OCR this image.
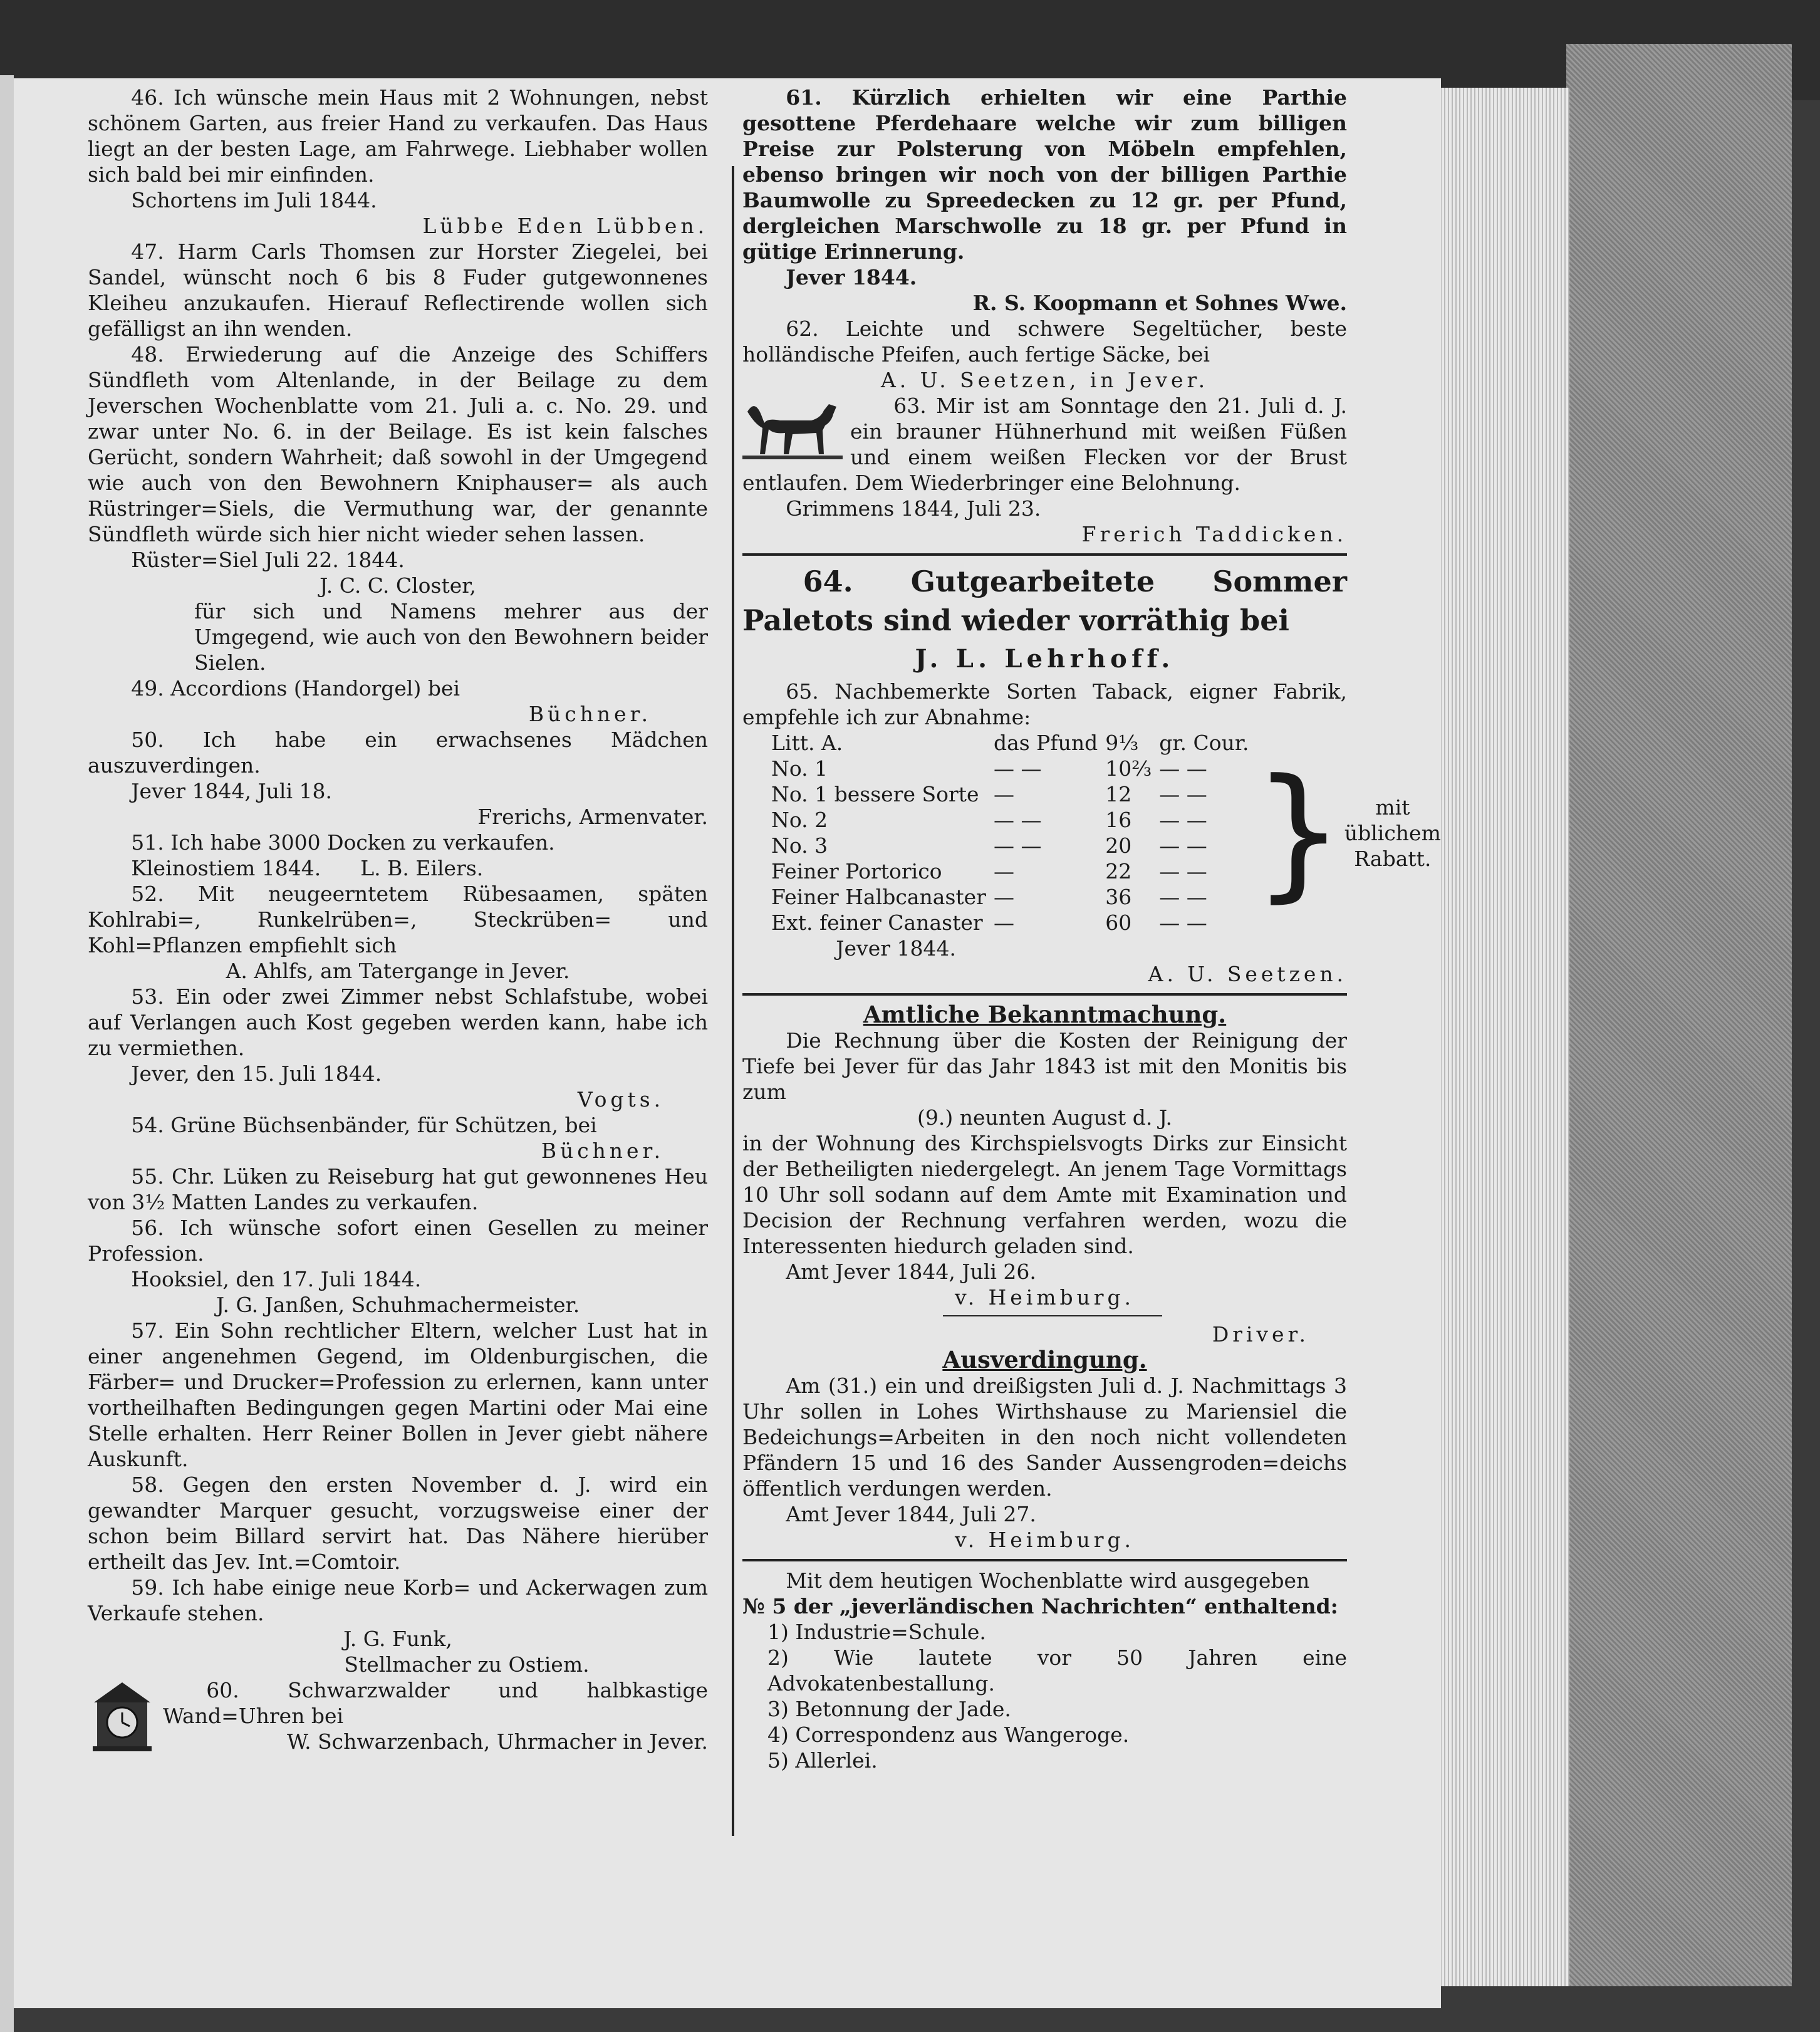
46. Ich wünsche mein Haus mit 2 Wohnungen, nebst schönem Garten, aus freier Hand zu verkaufen. Das Haus liegt an der besten Lage, am Fahrwege. Liebhaber wollen sich bald bei mir einfinden.

Schortens im Juli 1844.

Lübbe Eden Lübben.

47. Harm Carls Thomsen zur Horster Ziegelei, bei Sandel, wünscht noch 6 bis 8 Fuder gutgewonnenes Kleiheu anzukaufen. Hierauf Reflectirende wollen sich gefälligst an ihn wenden.

48. Erwiederung auf die Anzeige des Schiffers Sündfleth vom Altenlande, in der Beilage zu dem Jeverschen Wochenblatte vom 21. Juli a. c. No. 29. und zwar unter No. 6. in der Beilage. Es ist kein falsches Gerücht, sondern Wahrheit; daß sowohl in der Umgegend wie auch von den Bewohnern Kniphauser= als auch Rüstringer=Siels, die Vermuthung war, der genannte Sündfleth würde sich hier nicht wieder sehen lassen.

Rüster=Siel Juli 22. 1844.

J. C. C. Closter,

für sich und Namens mehrer aus der Umgegend, wie auch von den Bewohnern beider Sielen.

49. Accordions (Handorgel) bei

Büchner.

50. Ich habe ein erwachsenes Mädchen auszuverdingen.

Jever 1844, Juli 18.

Frerichs, Armenvater.

51. Ich habe 3000 Docken zu verkaufen.

Kleinostiem 1844. L. B. Eilers.

52. Mit neugeerntetem Rübesaamen, späten Kohlrabi=, Runkelrüben=, Steckrüben= und Kohl=Pflanzen empfiehlt sich

A. Ahlfs, am Tatergange in Jever.

53. Ein oder zwei Zimmer nebst Schlafstube, wobei auf Verlangen auch Kost gegeben werden kann, habe ich zu vermiethen.

Jever, den 15. Juli 1844.

Vogts.

54. Grüne Büchsenbänder, für Schützen, bei

Büchner.

55. Chr. Lüken zu Reiseburg hat gut gewonnenes Heu von 3½ Matten Landes zu verkaufen.

56. Ich wünsche sofort einen Gesellen zu meiner Profession.

Hooksiel, den 17. Juli 1844.

J. G. Janßen, Schuhmachermeister.

57. Ein Sohn rechtlicher Eltern, welcher Lust hat in einer angenehmen Gegend, im Oldenburgischen, die Färber= und Drucker=Profession zu erlernen, kann unter vortheilhaften Bedingungen gegen Martini oder Mai eine Stelle erhalten. Herr Reiner Bollen in Jever giebt nähere Auskunft.

58. Gegen den ersten November d. J. wird ein gewandter Marquer gesucht, vorzugsweise einer der schon beim Billard servirt hat. Das Nähere hierüber ertheilt das Jev. Int.=Comtoir.

59. Ich habe einige neue Korb= und Ackerwagen zum Verkaufe stehen.

J. G. Funk,

Stellmacher zu Ostiem.

60. Schwarzwalder und halbkastige Wand=Uhren bei

W. Schwarzenbach, Uhrmacher in Jever.

61. Kürzlich erhielten wir eine Parthie gesottene Pferdehaare welche wir zum billigen Preise zur Polsterung von Möbeln empfehlen, ebenso bringen wir noch von der billigen Parthie Baumwolle zu Spreedecken zu 12 gr. per Pfund, dergleichen Marschwolle zu 18 gr. per Pfund in gütige Erinnerung.

Jever 1844.

R. S. Koopmann et Sohnes Wwe.

62. Leichte und schwere Segeltücher, beste holländische Pfeifen, auch fertige Säcke, bei

A. U. Seetzen, in Jever.

63. Mir ist am Sonntage den 21. Juli d. J. ein brauner Hühnerhund mit weißen Füßen und einem weißen Flecken vor der Brust entlaufen. Dem Wiederbringer eine Belohnung.

Grimmens 1844, Juli 23.

Frerich Taddicken.

64. Gutgearbeitete Sommer Paletots sind wieder vorräthig bei

J. L. Lehrhoff.

65. Nachbemerkte Sorten Taback, eigner Fabrik, empfehle ich zur Abnahme:

Litt. A.	das Pfund	9⅓	gr. Cour.
No. 1	— —	10⅔	— —
No. 1 bessere Sorte	—	12	— —
No. 2	— —	16	— —
No. 3	— —	20	— —
Feiner Portorico	—	22	— —
Feiner Halbcanaster	—	36	— —
Ext. feiner Canaster	—	60	— —
}	mit üblichem Rabatt.

Jever 1844.

A. U. Seetzen.

Amtliche Bekanntmachung.

Die Rechnung über die Kosten der Reinigung der Tiefe bei Jever für das Jahr 1843 ist mit den Monitis bis zum

(9.) neunten August d. J.

in der Wohnung des Kirchspielsvogts Dirks zur Einsicht der Betheiligten niedergelegt. An jenem Tage Vormittags 10 Uhr soll sodann auf dem Amte mit Examination und Decision der Rechnung verfahren werden, wozu die Interessenten hiedurch geladen sind.

Amt Jever 1844, Juli 26.

v. Heimburg.

Driver.

Ausverdingung.

Am (31.) ein und dreißigsten Juli d. J. Nachmittags 3 Uhr sollen in Lohes Wirthshause zu Mariensiel die Bedeichungs=Arbeiten in den noch nicht vollendeten Pfändern 15 und 16 des Sander Aussengroden=deichs öffentlich verdungen werden.

Amt Jever 1844, Juli 27.

v. Heimburg.

Mit dem heutigen Wochenblatte wird ausgegeben

№ 5 der „jeverländischen Nachrichten“ enthaltend:

1) Industrie=Schule.

2) Wie lautete vor 50 Jahren eine Advokatenbestallung.

3) Betonnung der Jade.

4) Correspondenz aus Wangeroge.

5) Allerlei.
